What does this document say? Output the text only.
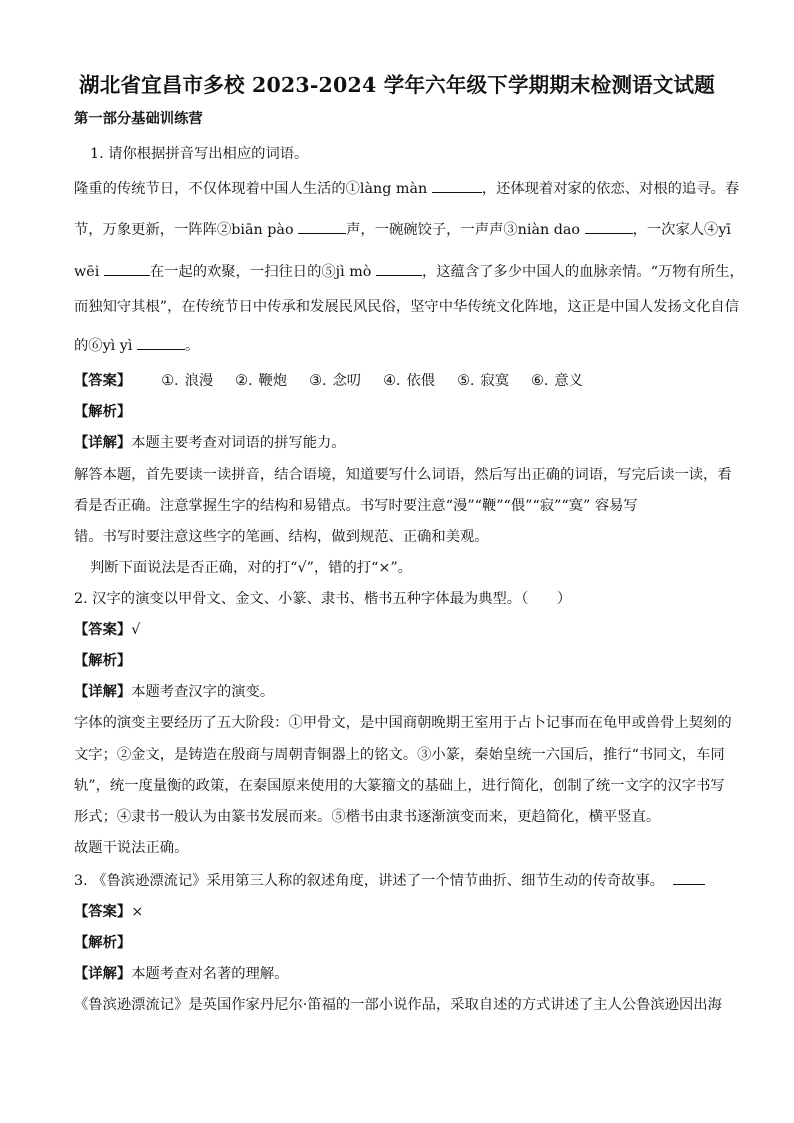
湖北省宜昌市多校 2023-2024 学年六年级下学期期末检测语文试题
第一部分基础训练营
1. 请你根据拼音写出相应的词语。
隆重的传统节日，不仅体现着中国人生活的①làng màn	，还体现着对家的依恋、对根的追寻。春
节，万象更新，一阵阵②biān pào	声，一碗碗饺子，一声声③niàn dao	，一次家人④yī
wēi	在一起的欢聚，一扫往日的⑤jì mò	，这蕴含了多少中国人的血脉亲情。“万物有所生，
而独知守其根”，在传统节日中传承和发展民风民俗，坚守中华传统文化阵地，这正是中国人发扬文化自信
的⑥yì yì	。
【答案】 ①. 浪漫 ②. 鞭炮 ③. 念叨 ④. 依偎 ⑤. 寂寞 ⑥. 意义
【解析】
【详解】本题主要考查对词语的拼写能力。
解答本题，首先要读一读拼音，结合语境，知道要写什么词语，然后写出正确的词语，写完后读一读，看
看是否正确。注意掌握生字的结构和易错点。书写时要注意“漫”“鞭”“偎”“寂”“寞” 容易写
错。书写时要注意这些字的笔画、结构，做到规范、正确和美观。
判断下面说法是否正确，对的打“√”，错的打“×”。
2. 汉字的演变以甲骨文、金文、小篆、隶书、楷书五种字体最为典型。（　　）
【答案】√
【解析】
【详解】本题考查汉字的演变。
字体的演变主要经历了五大阶段：①甲骨文，是中国商朝晚期王室用于占卜记事而在龟甲或兽骨上契刻的
文字；②金文，是铸造在殷商与周朝青铜器上的铭文。③小篆，秦始皇统一六国后，推行“书同文，车同
轨”，统一度量衡的政策，在秦国原来使用的大篆籀文的基础上，进行简化，创制了统一文字的汉字书写
形式；④隶书一般认为由篆书发展而来。⑤楷书由隶书逐渐演变而来，更趋简化，横平竖直。
故题干说法正确。
3. 《鲁滨逊漂流记》采用第三人称的叙述角度，讲述了一个情节曲折、细节生动的传奇故事。
【答案】×
【解析】
【详解】本题考查对名著的理解。
《鲁滨逊漂流记》是英国作家丹尼尔·笛福的一部小说作品，采取自述的方式讲述了主人公鲁滨逊因出海
